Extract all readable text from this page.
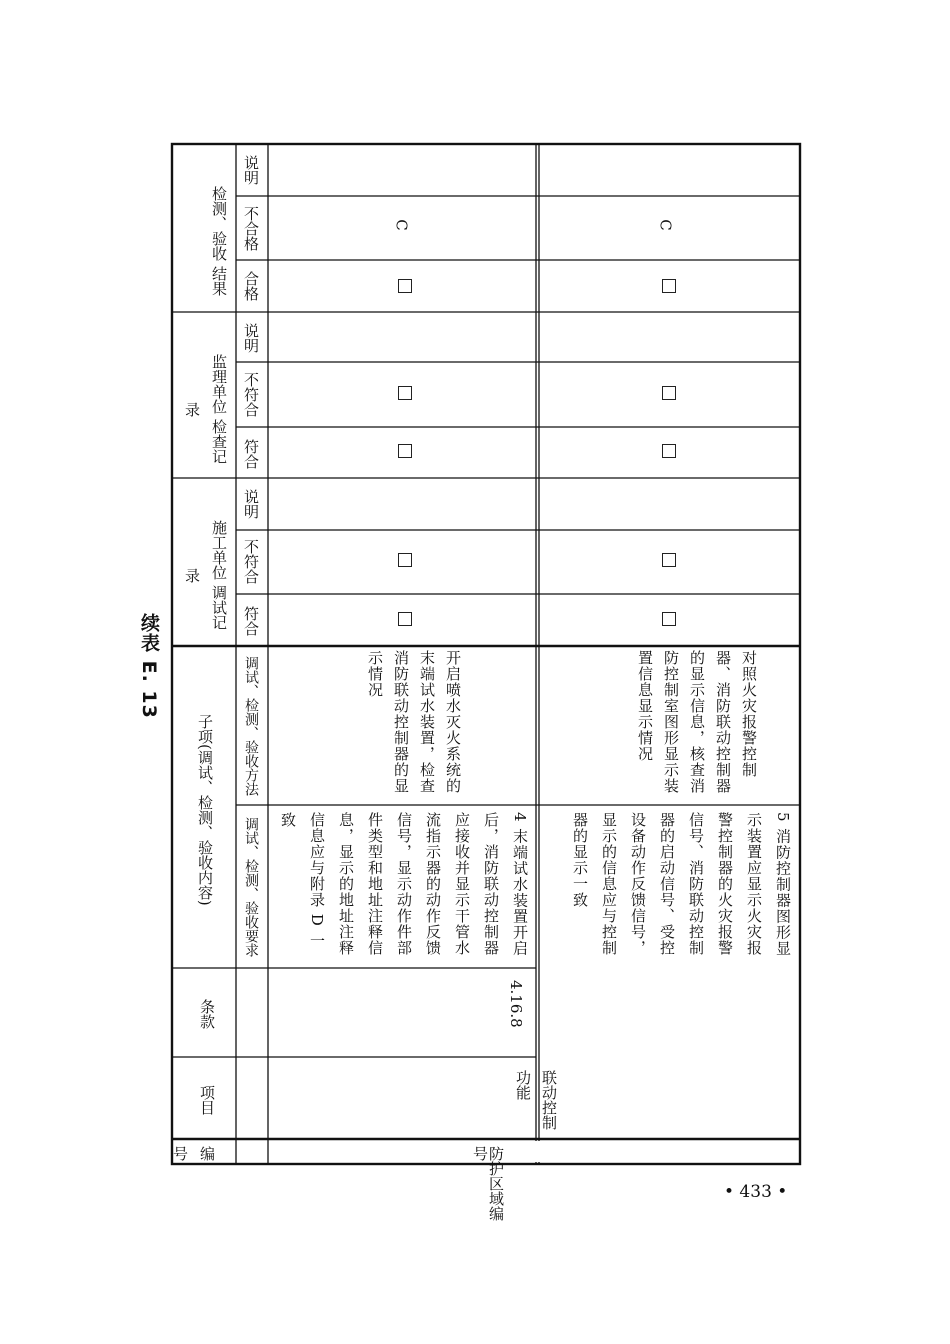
续表 E. 13
编号
项目
条款
子项(调试、检测、验收内容) 调试、检测、验收要求
调试、检测、验收方法
施工单位 调试记录
监理单位 检查记录
检测、验收 结果
符合
不符合
说明
符合
不符合
说明
合格
不合格
说明
防护区域编号
联动控制功能
4.16.8
4 末端试水装置开启后，消防联动控制器应接收并显示干管水流指示器的动作反馈信号，显示动作件部件类型和地址注释信息，显示的地址注释信息应与附录 D 一致
开启喷水灭火系统的末端试水装置，检查消防联动控制器的显示情况
C
5 消防控制器图形显示装置应显示火灾报警控制器的火灾报警信号、消防联动控制器的启动信号、受控设备动作反馈信号，显示的信息应与控制器的显示一致
对照火灾报警控制器、消防联动控制器的显示信息，核查消防控制室图形显示装置信息显示情况
C
• 433 •
